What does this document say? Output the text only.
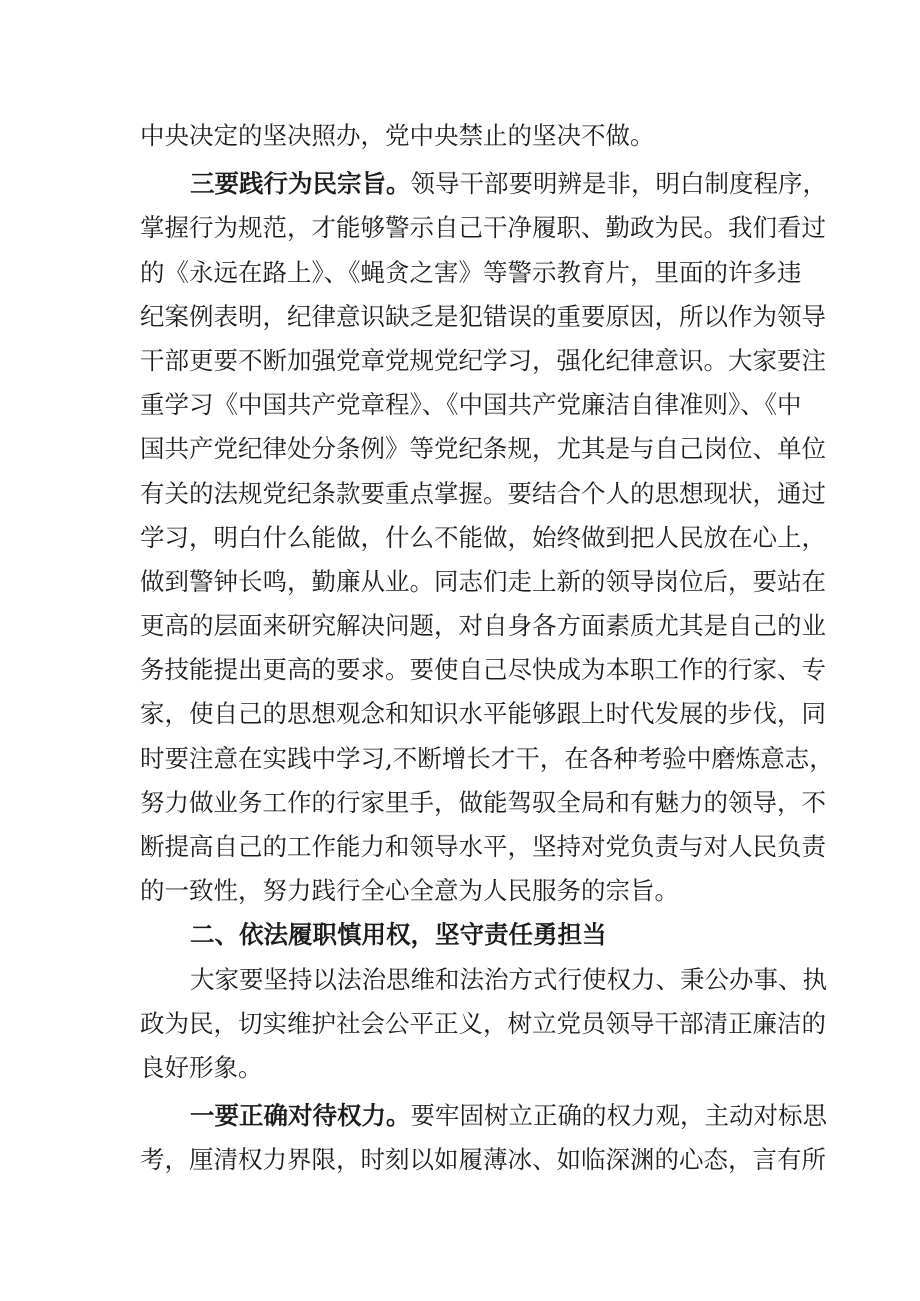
中央决定的坚决照办，党中央禁止的坚决不做。
三要践行为民宗旨。领导干部要明辨是非，明白制度程序，
掌握行为规范，才能够警示自己干净履职、勤政为民。我们看过
的《永远在路上》、《蝇贪之害》等警示教育片，里面的许多违
纪案例表明，纪律意识缺乏是犯错误的重要原因，所以作为领导
干部更要不断加强党章党规党纪学习，强化纪律意识。大家要注
重学习《中国共产党章程》、《中国共产党廉洁自律准则》、《中
国共产党纪律处分条例》等党纪条规，尤其是与自己岗位、单位
有关的法规党纪条款要重点掌握。要结合个人的思想现状，通过
学习，明白什么能做，什么不能做，始终做到把人民放在心上，
做到警钟长鸣，勤廉从业。同志们走上新的领导岗位后，要站在
更高的层面来研究解决问题，对自身各方面素质尤其是自己的业
务技能提出更高的要求。要使自己尽快成为本职工作的行家、专
家，使自己的思想观念和知识水平能够跟上时代发展的步伐，同
时要注意在实践中学习,不断增长才干，在各种考验中磨炼意志，
努力做业务工作的行家里手，做能驾驭全局和有魅力的领导，不
断提高自己的工作能力和领导水平，坚持对党负责与对人民负责
的一致性，努力践行全心全意为人民服务的宗旨。
二、依法履职慎用权，坚守责任勇担当
大家要坚持以法治思维和法治方式行使权力、秉公办事、执
政为民，切实维护社会公平正义，树立党员领导干部清正廉洁的
良好形象。
一要正确对待权力。要牢固树立正确的权力观，主动对标思
考，厘清权力界限，时刻以如履薄冰、如临深渊的心态，言有所
